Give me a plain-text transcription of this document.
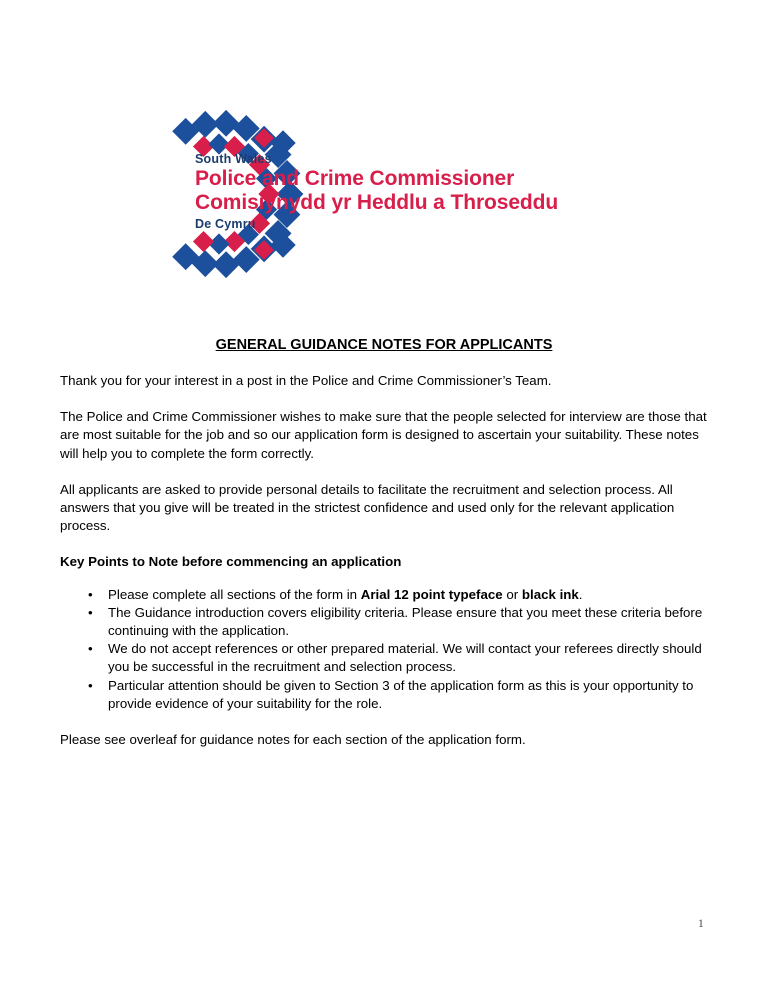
South Wales
Police and Crime Commissioner
Comisiynydd yr Heddlu a Throseddu
De Cymru
GENERAL GUIDANCE NOTES FOR APPLICANTS

Thank you for your interest in a post in the Police and Crime Commissioner’s Team.

The Police and Crime Commissioner wishes to make sure that the people selected for interview are those that are most suitable for the job and so our application form is designed to ascertain your suitability. These notes will help you to complete the form correctly.

All applicants are asked to provide personal details to facilitate the recruitment and selection process. All answers that you give will be treated in the strictest confidence and used only for the relevant application process.

Key Points to Note before commencing an application

• Please complete all sections of the form in Arial 12 point typeface or black ink.
• The Guidance introduction covers eligibility criteria. Please ensure that you meet these criteria before continuing with the application.
• We do not accept references or other prepared material. We will contact your referees directly should you be successful in the recruitment and selection process.
• Particular attention should be given to Section 3 of the application form as this is your opportunity to provide evidence of your suitability for the role.

Please see overleaf for guidance notes for each section of the application form.

1
